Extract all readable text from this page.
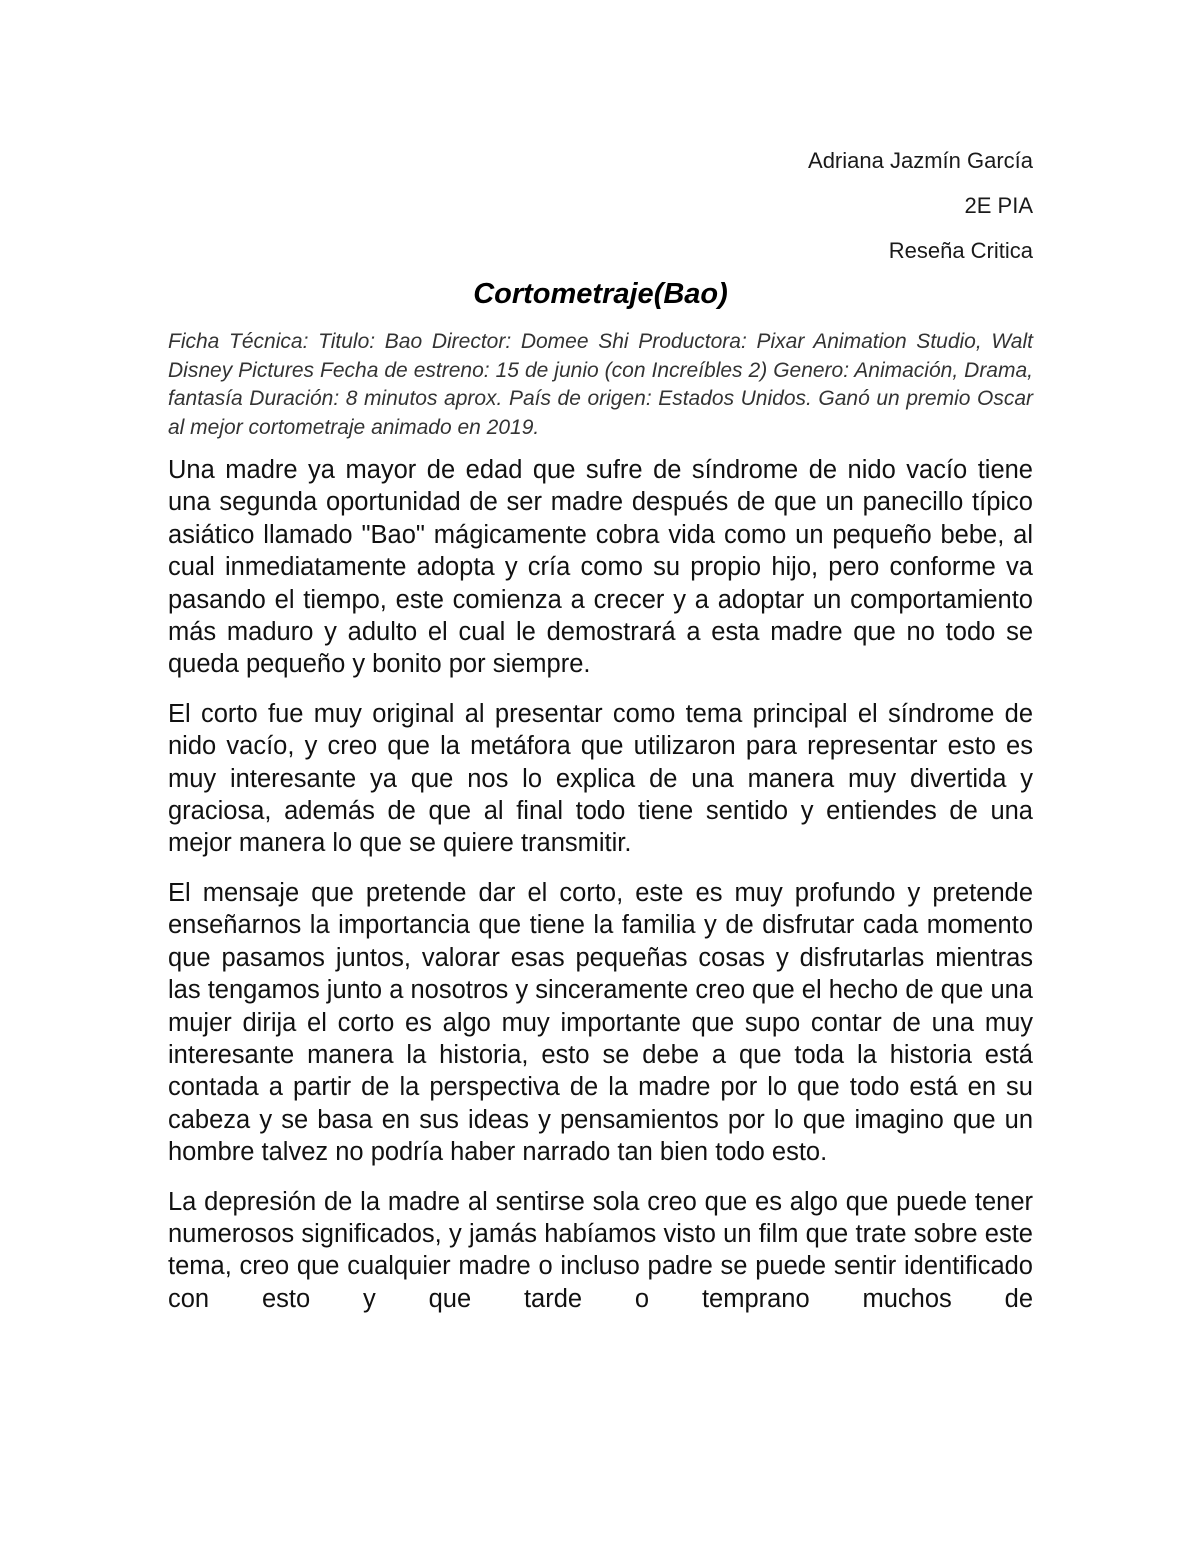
Adriana Jazmín García
2E PIA
Reseña Critica
Cortometraje(Bao)
Ficha Técnica: Titulo: Bao Director: Domee Shi Productora: Pixar Animation Studio, Walt Disney Pictures Fecha de estreno: 15 de junio (con Increíbles 2) Genero: Animación, Drama, fantasía Duración: 8 minutos aprox. País de origen: Estados Unidos. Ganó un premio Oscar al mejor cortometraje animado en 2019.

Una madre ya mayor de edad que sufre de síndrome de nido vacío tiene una segunda oportunidad de ser madre después de que un panecillo típico asiático llamado "Bao" mágicamente cobra vida como un pequeño bebe, al cual inmediatamente adopta y cría como su propio hijo, pero conforme va pasando el tiempo, este comienza a crecer y a adoptar un comportamiento más maduro y adulto el cual le demostrará a esta madre que no todo se queda pequeño y bonito por siempre.

El corto fue muy original al presentar como tema principal el síndrome de nido vacío, y creo que la metáfora que utilizaron para representar esto es muy interesante ya que nos lo explica de una manera muy divertida y graciosa, además de que al final todo tiene sentido y entiendes de una mejor manera lo que se quiere transmitir.

El mensaje que pretende dar el corto, este es muy profundo y pretende enseñarnos la importancia que tiene la familia y de disfrutar cada momento que pasamos juntos, valorar esas pequeñas cosas y disfrutarlas mientras las tengamos junto a nosotros y sinceramente creo que el hecho de que una mujer dirija el corto es algo muy importante que supo contar de una muy interesante manera la historia, esto se debe a que toda la historia está contada a partir de la perspectiva de la madre por lo que todo está en su cabeza y se basa en sus ideas y pensamientos por lo que imagino que un hombre talvez no podría haber narrado tan bien todo esto.

La depresión de la madre al sentirse sola creo que es algo que puede tener numerosos significados, y jamás habíamos visto un film que trate sobre este tema, creo que cualquier madre o incluso padre se puede sentir identificado con esto y que tarde o temprano muchos de
